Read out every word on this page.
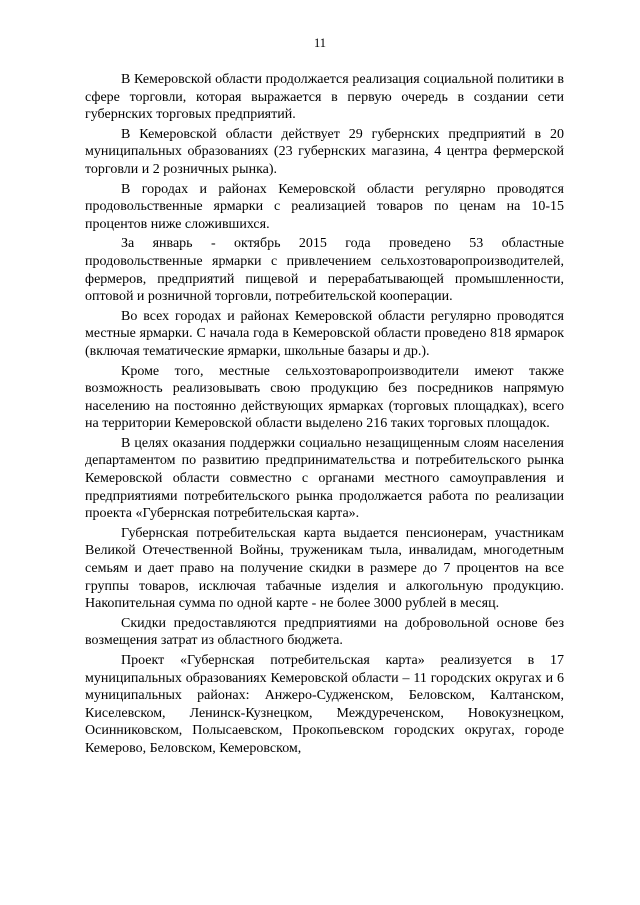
11

В Кемеровской области продолжается реализация социальной политики в сфере торговли, которая выражается в первую очередь в создании сети губернских торговых предприятий.

В Кемеровской области действует 29 губернских предприятий в 20 муниципальных образованиях (23 губернских магазина, 4 центра фермерской торговли и 2 розничных рынка).

В городах и районах Кемеровской области регулярно проводятся продовольственные ярмарки с реализацией товаров по ценам на 10-15 процентов ниже сложившихся.

За январь - октябрь 2015 года проведено 53 областные продовольственные ярмарки с привлечением сельхозтоваропроизводителей, фермеров, предприятий пищевой и перерабатывающей промышленности, оптовой и розничной торговли, потребительской кооперации.

Во всех городах и районах Кемеровской области регулярно проводятся местные ярмарки. С начала года в Кемеровской области проведено 818 ярмарок (включая тематические ярмарки, школьные базары и др.).

Кроме того, местные сельхозтоваропроизводители имеют также возможность реализовывать свою продукцию без посредников напрямую населению на постоянно действующих ярмарках (торговых площадках), всего на территории Кемеровской области выделено 216 таких торговых площадок.

В целях оказания поддержки социально незащищенным слоям населения департаментом по развитию предпринимательства и потребительского рынка Кемеровской области совместно с органами местного самоуправления и предприятиями потребительского рынка продолжается работа по реализации проекта «Губернская потребительская карта».

Губернская потребительская карта выдается пенсионерам, участникам Великой Отечественной Войны, труженикам тыла, инвалидам, многодетным семьям и дает право на получение скидки в размере до 7 процентов на все группы товаров, исключая табачные изделия и алкогольную продукцию. Накопительная сумма по одной карте - не более 3000 рублей в месяц.

Скидки предоставляются предприятиями на добровольной основе без возмещения затрат из областного бюджета.

Проект «Губернская потребительская карта» реализуется в 17 муниципальных образованиях Кемеровской области – 11 городских округах и 6 муниципальных районах: Анжеро-Судженском, Беловском, Калтанском, Киселевском, Ленинск-Кузнецком, Междуреченском, Новокузнецком, Осинниковском, Полысаевском, Прокопьевском городских округах, городе Кемерово, Беловском, Кемеровском,
